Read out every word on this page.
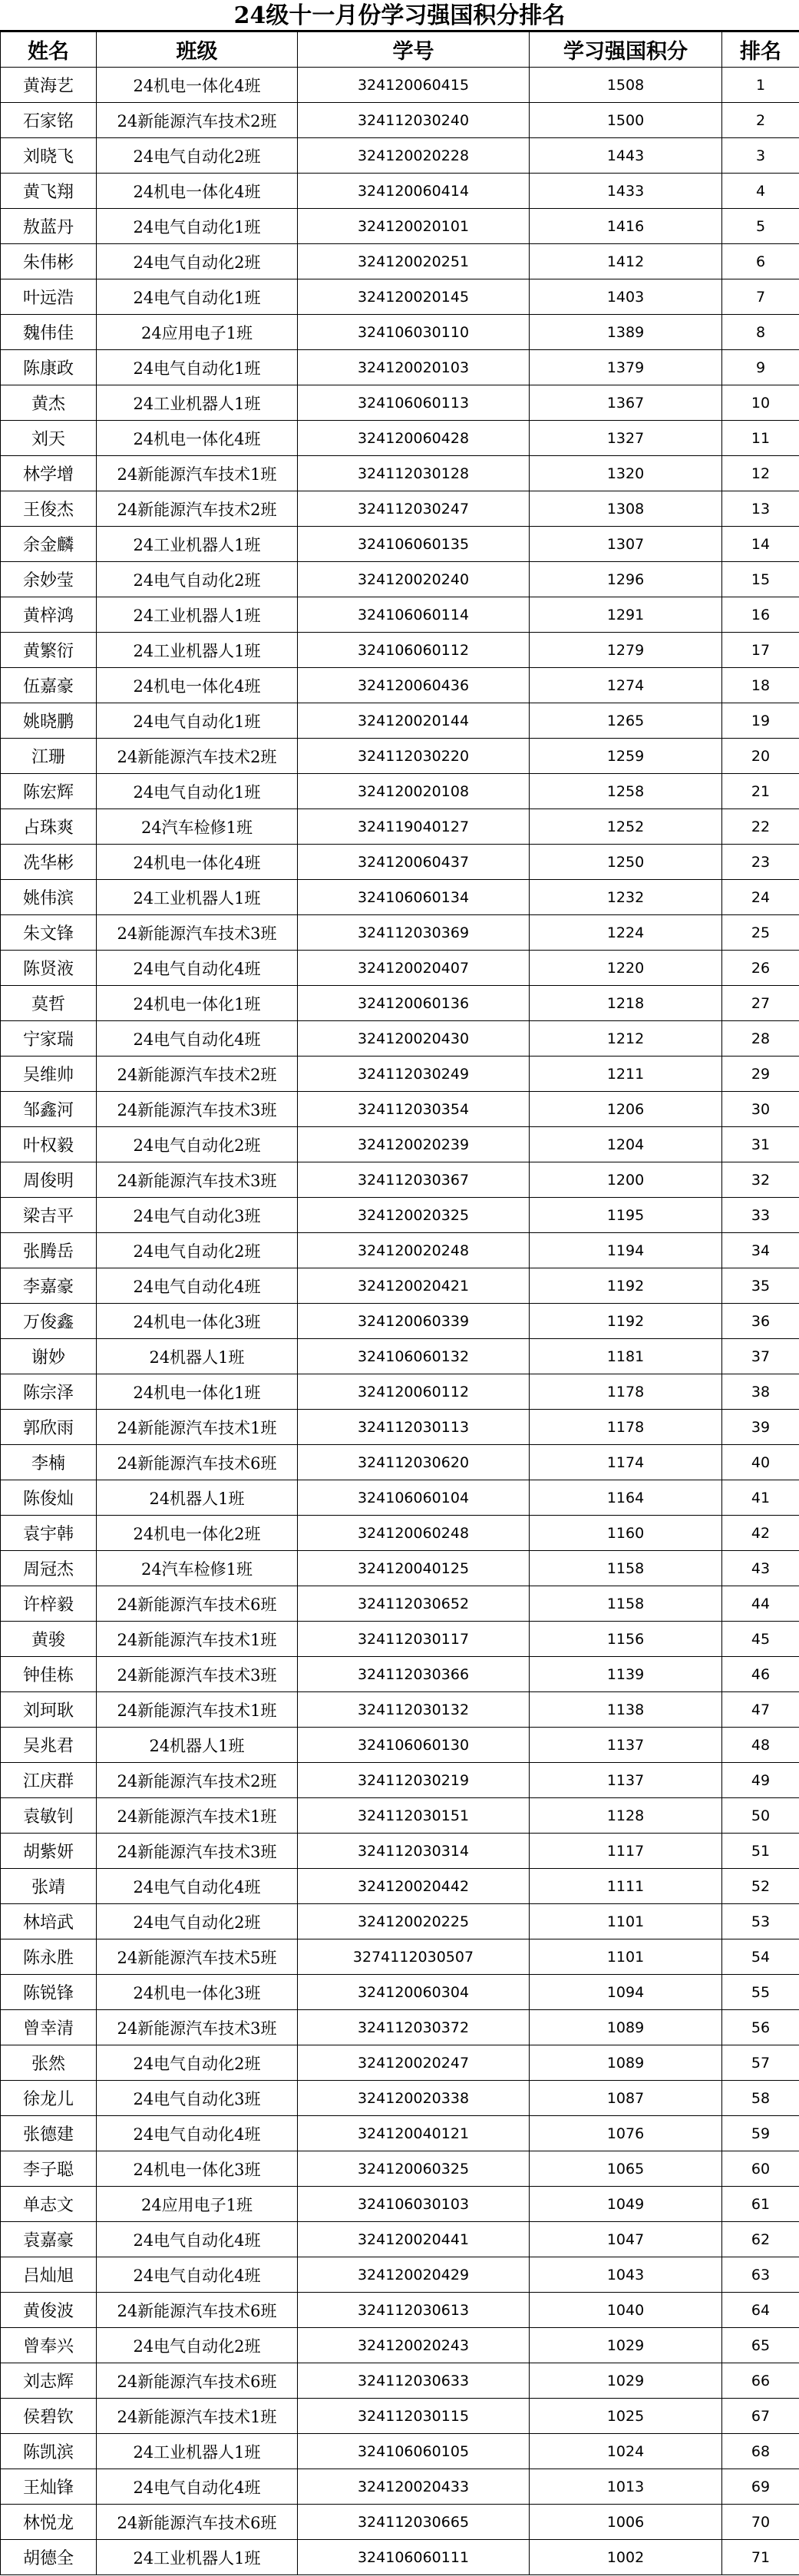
24级十一月份学习强国积分排名
姓名	班级	学号	学习强国积分	排名
黄海艺	24机电一体化4班	324120060415	1508	1
石家铭	24新能源汽车技术2班	324112030240	1500	2
刘晓飞	24电气自动化2班	324120020228	1443	3
黄飞翔	24机电一体化4班	324120060414	1433	4
敖蓝丹	24电气自动化1班	324120020101	1416	5
朱伟彬	24电气自动化2班	324120020251	1412	6
叶远浩	24电气自动化1班	324120020145	1403	7
魏伟佳	24应用电子1班	324106030110	1389	8
陈康政	24电气自动化1班	324120020103	1379	9
黄杰	24工业机器人1班	324106060113	1367	10
刘天	24机电一体化4班	324120060428	1327	11
林学增	24新能源汽车技术1班	324112030128	1320	12
王俊杰	24新能源汽车技术2班	324112030247	1308	13
余金麟	24工业机器人1班	324106060135	1307	14
余妙莹	24电气自动化2班	324120020240	1296	15
黄梓鸿	24工业机器人1班	324106060114	1291	16
黄繁衍	24工业机器人1班	324106060112	1279	17
伍嘉豪	24机电一体化4班	324120060436	1274	18
姚晓鹏	24电气自动化1班	324120020144	1265	19
江珊	24新能源汽车技术2班	324112030220	1259	20
陈宏辉	24电气自动化1班	324120020108	1258	21
占珠爽	24汽车检修1班	324119040127	1252	22
冼华彬	24机电一体化4班	324120060437	1250	23
姚伟滨	24工业机器人1班	324106060134	1232	24
朱文锋	24新能源汽车技术3班	324112030369	1224	25
陈贤液	24电气自动化4班	324120020407	1220	26
莫哲	24机电一体化1班	324120060136	1218	27
宁家瑞	24电气自动化4班	324120020430	1212	28
吴维帅	24新能源汽车技术2班	324112030249	1211	29
邹鑫河	24新能源汽车技术3班	324112030354	1206	30
叶权毅	24电气自动化2班	324120020239	1204	31
周俊明	24新能源汽车技术3班	324112030367	1200	32
梁吉平	24电气自动化3班	324120020325	1195	33
张腾岳	24电气自动化2班	324120020248	1194	34
李嘉豪	24电气自动化4班	324120020421	1192	35
万俊鑫	24机电一体化3班	324120060339	1192	36
谢妙	24机器人1班	324106060132	1181	37
陈宗泽	24机电一体化1班	324120060112	1178	38
郭欣雨	24新能源汽车技术1班	324112030113	1178	39
李楠	24新能源汽车技术6班	324112030620	1174	40
陈俊灿	24机器人1班	324106060104	1164	41
袁宇韩	24机电一体化2班	324120060248	1160	42
周冠杰	24汽车检修1班	324120040125	1158	43
许梓毅	24新能源汽车技术6班	324112030652	1158	44
黄骏	24新能源汽车技术1班	324112030117	1156	45
钟佳栋	24新能源汽车技术3班	324112030366	1139	46
刘珂耿	24新能源汽车技术1班	324112030132	1138	47
吴兆君	24机器人1班	324106060130	1137	48
江庆群	24新能源汽车技术2班	324112030219	1137	49
袁敏钊	24新能源汽车技术1班	324112030151	1128	50
胡紫妍	24新能源汽车技术3班	324112030314	1117	51
张靖	24电气自动化4班	324120020442	1111	52
林培武	24电气自动化2班	324120020225	1101	53
陈永胜	24新能源汽车技术5班	3274112030507	1101	54
陈锐锋	24机电一体化3班	324120060304	1094	55
曾幸清	24新能源汽车技术3班	324112030372	1089	56
张然	24电气自动化2班	324120020247	1089	57
徐龙儿	24电气自动化3班	324120020338	1087	58
张德建	24电气自动化4班	324120040121	1076	59
李子聪	24机电一体化3班	324120060325	1065	60
单志文	24应用电子1班	324106030103	1049	61
袁嘉豪	24电气自动化4班	324120020441	1047	62
吕灿旭	24电气自动化4班	324120020429	1043	63
黄俊波	24新能源汽车技术6班	324112030613	1040	64
曾奉兴	24电气自动化2班	324120020243	1029	65
刘志辉	24新能源汽车技术6班	324112030633	1029	66
侯碧钦	24新能源汽车技术1班	324112030115	1025	67
陈凯滨	24工业机器人1班	324106060105	1024	68
王灿锋	24电气自动化4班	324120020433	1013	69
林悦龙	24新能源汽车技术6班	324112030665	1006	70
胡德全	24工业机器人1班	324106060111	1002	71
